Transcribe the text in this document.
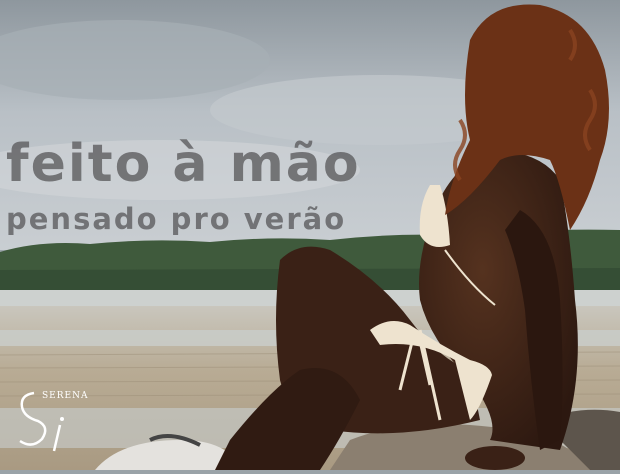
feito à mão
pensado pro verão
SERENA
